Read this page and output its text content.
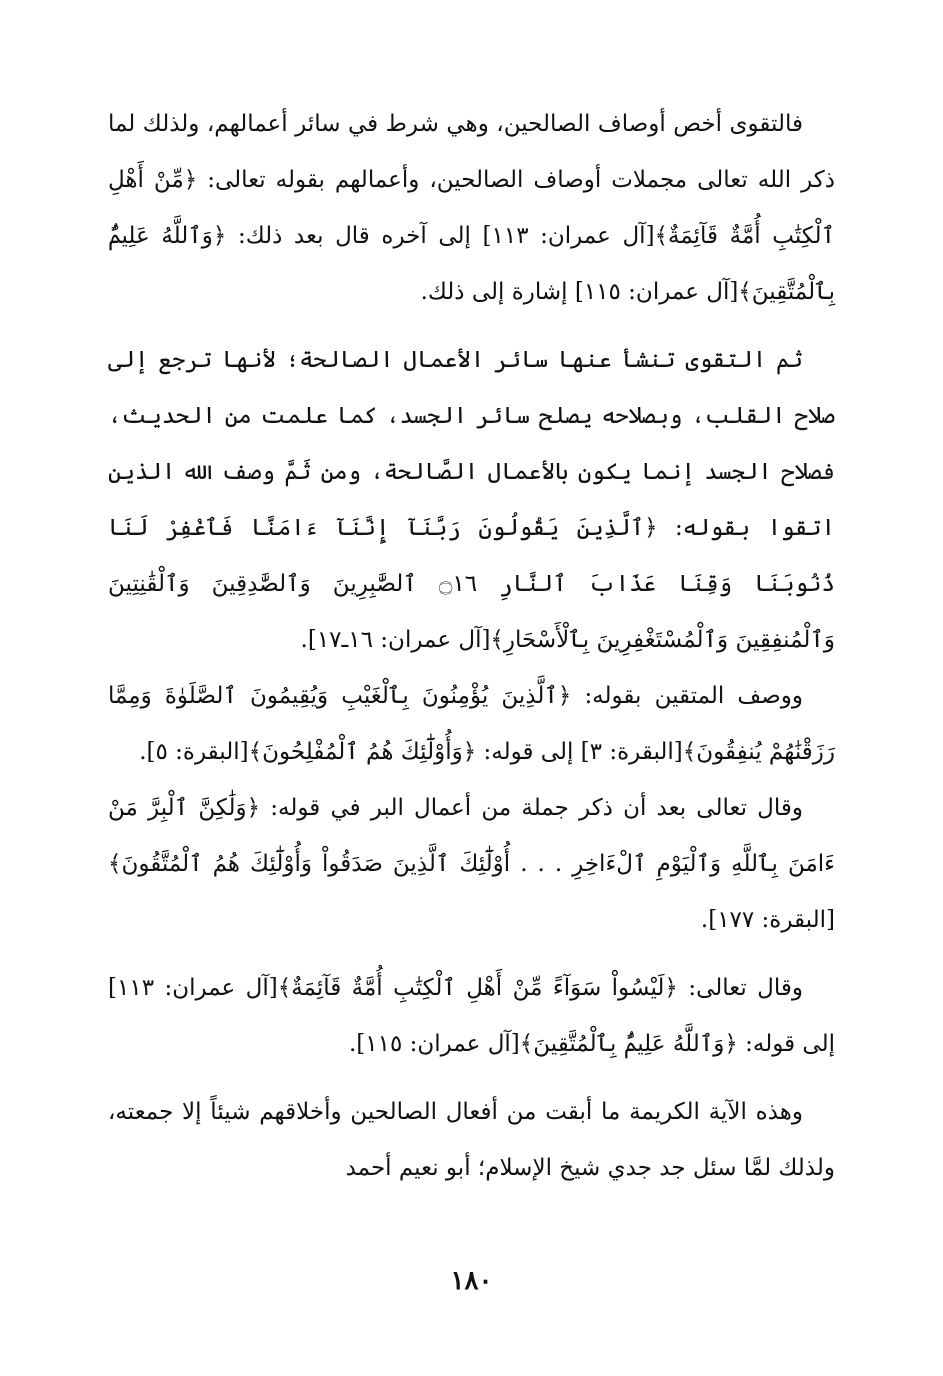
فالتقوى أخص أوصاف الصالحين، وهي شرط في سائر أعمالهم، ولذلك لما ذكر الله تعالى مجملات أوصاف الصالحين، وأعمالهم بقوله تعالى: ﴿مِّنْ أَهْلِ ٱلْكِتَٰبِ أُمَّةٌ قَآئِمَةٌ﴾[آل عمران: ١١٣] إلى آخره قال بعد ذلك: ﴿وَٱللَّهُ عَلِيمٌۢ بِٱلْمُتَّقِينَ﴾[آل عمران: ١١٥] إشارة إلى ذلك.

ثم التقوى تنشأ عنها سائر الأعمال الصالحة؛ لأنها ترجع إلى صلاح القلب، وبصلاحه يصلح سائر الجسد، كما علمت من الحديث، فصلاح الجسد إنما يكون بالأعمال الصَّالحة، ومن ثَمَّ وصف الله الذين اتقوا بقوله: ﴿ٱلَّذِينَ يَقُولُونَ رَبَّنَآ إِنَّنَآ ءَامَنَّا فَٱغْفِرْ لَنَا ذُنُوبَنَا وَقِنَا عَذَابَ ٱلنَّارِ ۝١٦ ٱلصَّٰبِرِينَ وَٱلصَّٰدِقِينَ وَٱلْقَٰنِتِينَ وَٱلْمُنفِقِينَ وَٱلْمُسْتَغْفِرِينَ بِٱلْأَسْحَارِ﴾[آل عمران: ١٦ـ١٧].

ووصف المتقين بقوله: ﴿ٱلَّذِينَ يُؤْمِنُونَ بِٱلْغَيْبِ وَيُقِيمُونَ ٱلصَّلَوٰةَ وَمِمَّا رَزَقْنَٰهُمْ يُنفِقُونَ﴾[البقرة: ٣] إلى قوله: ﴿وَأُوْلَٰٓئِكَ هُمُ ٱلْمُفْلِحُونَ﴾[البقرة: ٥].

وقال تعالى بعد أن ذكر جملة من أعمال البر في قوله: ﴿وَلَٰكِنَّ ٱلْبِرَّ مَنْ ءَامَنَ بِٱللَّهِ وَٱلْيَوْمِ ٱلْءَاخِرِ . . . أُوْلَٰٓئِكَ ٱلَّذِينَ صَدَقُواْ وَأُوْلَٰٓئِكَ هُمُ ٱلْمُتَّقُونَ﴾[البقرة: ١٧٧].

وقال تعالى: ﴿لَيْسُواْ سَوَآءً مِّنْ أَهْلِ ٱلْكِتَٰبِ أُمَّةٌ قَآئِمَةٌ﴾[آل عمران: ١١٣] إلى قوله: ﴿وَٱللَّهُ عَلِيمٌۢ بِٱلْمُتَّقِينَ﴾[آل عمران: ١١٥].

وهذه الآية الكريمة ما أبقت من أفعال الصالحين وأخلاقهم شيئاً إلا جمعته، ولذلك لمَّا سئل جد جدي شيخ الإسلام؛ أبو نعيم أحمد

١٨٠
